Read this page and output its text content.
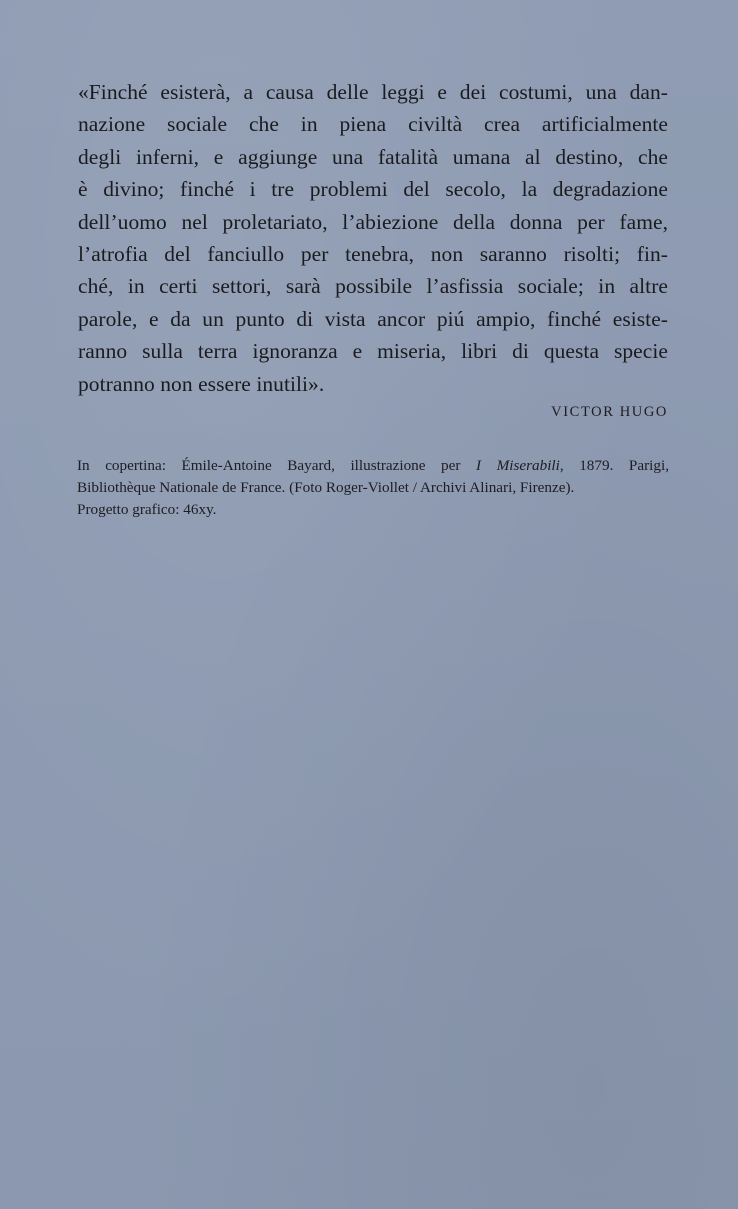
«Finché esisterà, a causa delle leggi e dei costumi, una dan-
nazione sociale che in piena civiltà crea artificialmente
degli inferni, e aggiunge una fatalità umana al destino, che
è divino; finché i tre problemi del secolo, la degradazione
dell’uomo nel proletariato, l’abiezione della donna per fame,
l’atrofia del fanciullo per tenebra, non saranno risolti; fin-
ché, in certi settori, sarà possibile l’asfissia sociale; in altre
parole, e da un punto di vista ancor piú ampio, finché esiste-
ranno sulla terra ignoranza e miseria, libri di questa specie
potranno non essere inutili».
VICTOR HUGO
In copertina: Émile-Antoine Bayard, illustrazione per I Miserabili, 1879. Parigi,
Bibliothèque Nationale de France. (Foto Roger-Viollet / Archivi Alinari, Firenze).
Progetto grafico: 46xy.
